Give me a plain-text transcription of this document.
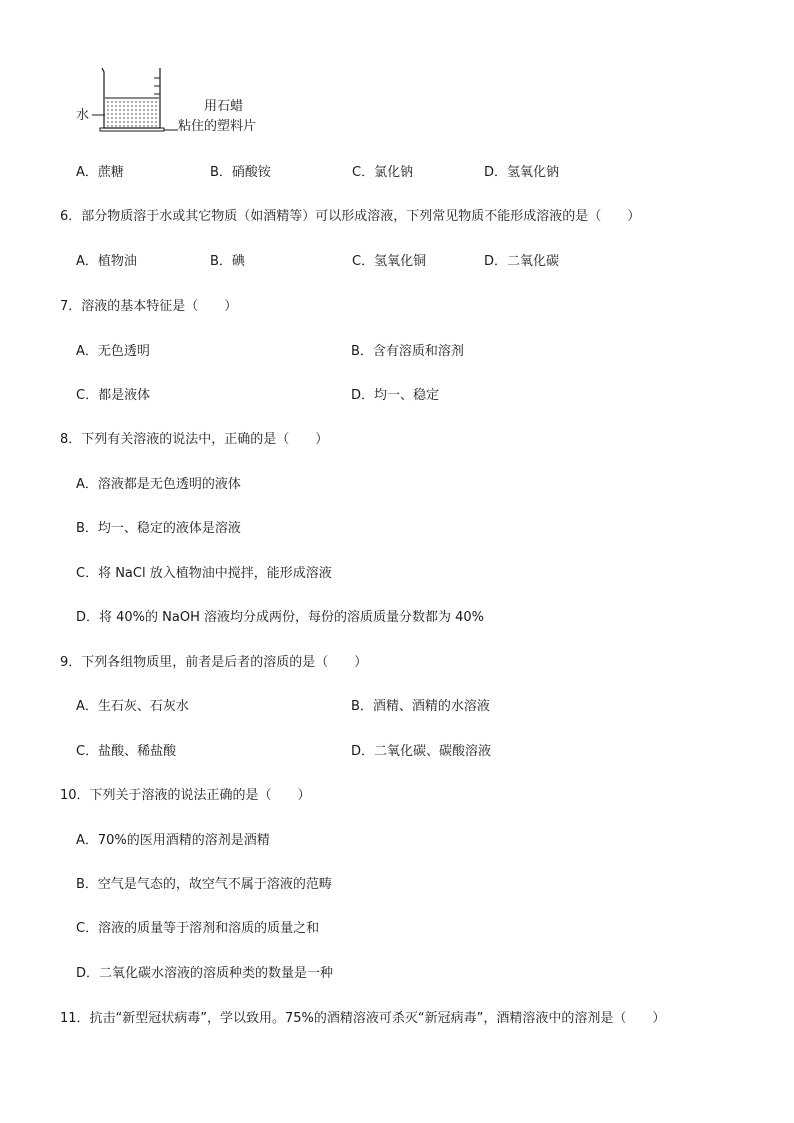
水
用石蜡
粘住的塑料片
A．蔗糖	B．硝酸铵	C．氯化钠	D．氢氧化钠
6．部分物质溶于水或其它物质（如酒精等）可以形成溶液，下列常见物质不能形成溶液的是（　　）
A．植物油	B．碘	C．氢氧化铜	D．二氧化碳
7．溶液的基本特征是（　　）
A．无色透明	B．含有溶质和溶剂
C．都是液体	D．均一、稳定
8．下列有关溶液的说法中，正确的是（　　）
A．溶液都是无色透明的液体
B．均一、稳定的液体是溶液
C．将 NaCl 放入植物油中搅拌，能形成溶液
D．将 40%的 NaOH 溶液均分成两份，每份的溶质质量分数都为 40%
9．下列各组物质里，前者是后者的溶质的是（　　）
A．生石灰、石灰水	B．酒精、酒精的水溶液
C．盐酸、稀盐酸	D．二氧化碳、碳酸溶液
10．下列关于溶液的说法正确的是（　　）
A．70%的医用酒精的溶剂是酒精
B．空气是气态的，故空气不属于溶液的范畴
C．溶液的质量等于溶剂和溶质的质量之和
D．二氧化碳水溶液的溶质种类的数量是一种
11．抗击“新型冠状病毒”，学以致用。75%的酒精溶液可杀灭“新冠病毒”，酒精溶液中的溶剂是（　　）
